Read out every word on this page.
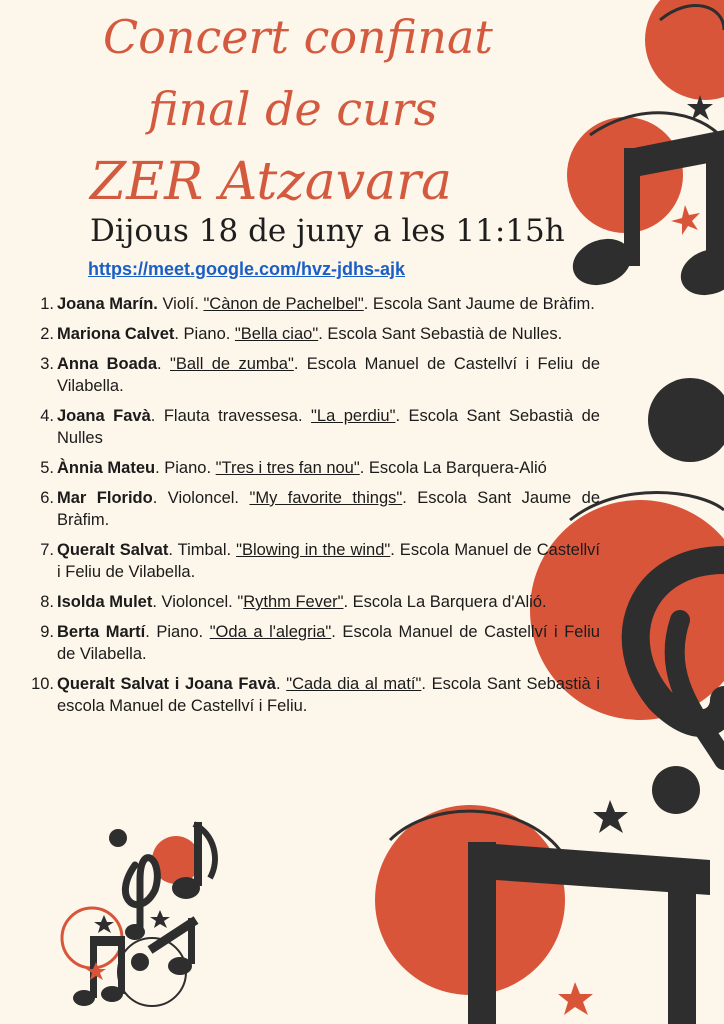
Concert confinat
final de curs
ZER Atzavara
Dijous 18 de juny a les 11:15h
https://meet.google.com/hvz-jdhs-ajk
1. Joana Marín. Violí. "Cànon de Pachelbel". Escola Sant Jaume de Bràfim.
2. Mariona Calvet. Piano. "Bella ciao". Escola Sant Sebastià de Nulles.
3. Anna Boada. "Ball de zumba". Escola Manuel de Castellví i Feliu de Vilabella.
4. Joana Favà. Flauta travessesa. "La perdiu". Escola Sant Sebastià de Nulles
5. Ànnia Mateu. Piano. "Tres i tres fan nou". Escola La Barquera-Alió
6. Mar Florido. Violoncel. "My favorite things". Escola Sant Jaume de Bràfim.
7. Queralt Salvat. Timbal. "Blowing in the wind". Escola Manuel de Castellví i Feliu de Vilabella.
8. Isolda Mulet. Violoncel. "Rythm Fever". Escola La Barquera d'Alió.
9. Berta Martí. Piano. "Oda a l'alegria". Escola Manuel de Castellví i Feliu de Vilabella.
10. Queralt Salvat i Joana Favà. "Cada dia al matí". Escola Sant Sebastià i escola Manuel de Castellví i Feliu.
